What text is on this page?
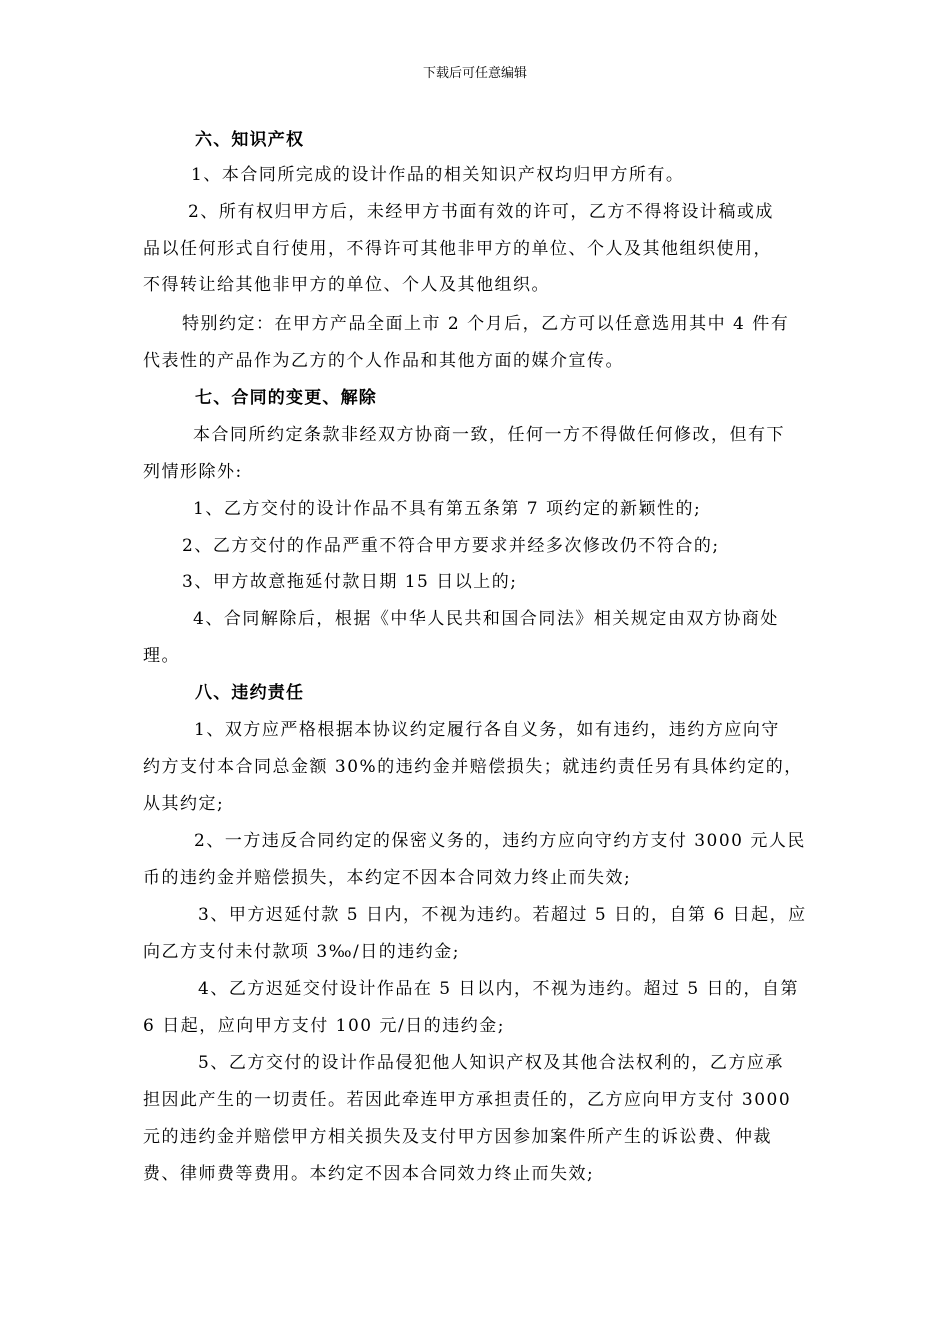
下载后可任意编辑
六、知识产权
1、本合同所完成的设计作品的相关知识产权均归甲方所有。
2、所有权归甲方后，未经甲方书面有效的许可，乙方不得将设计稿或成
品以任何形式自行使用，不得许可其他非甲方的单位、个人及其他组织使用，
不得转让给其他非甲方的单位、个人及其他组织。
特别约定：在甲方产品全面上市 2 个月后，乙方可以任意选用其中 4 件有
代表性的产品作为乙方的个人作品和其他方面的媒介宣传。
七、合同的变更、解除
本合同所约定条款非经双方协商一致，任何一方不得做任何修改，但有下
列情形除外:
1、乙方交付的设计作品不具有第五条第 7 项约定的新颖性的;
2、乙方交付的作品严重不符合甲方要求并经多次修改仍不符合的;
3、甲方故意拖延付款日期 15 日以上的;
4、合同解除后，根据《中华人民共和国合同法》相关规定由双方协商处
理。
八、违约责任
1、双方应严格根据本协议约定履行各自义务，如有违约，违约方应向守
约方支付本合同总金额 30%的违约金并赔偿损失；就违约责任另有具体约定的，
从其约定;
2、一方违反合同约定的保密义务的，违约方应向守约方支付 3000 元人民
币的违约金并赔偿损失，本约定不因本合同效力终止而失效;
3、甲方迟延付款 5 日内，不视为违约。若超过 5 日的，自第 6 日起，应
向乙方支付未付款项 3‰/日的违约金;
4、乙方迟延交付设计作品在 5 日以内，不视为违约。超过 5 日的，自第
6 日起，应向甲方支付 100 元/日的违约金;
5、乙方交付的设计作品侵犯他人知识产权及其他合法权利的，乙方应承
担因此产生的一切责任。若因此牵连甲方承担责任的，乙方应向甲方支付 3000
元的违约金并赔偿甲方相关损失及支付甲方因参加案件所产生的诉讼费、仲裁
费、律师费等费用。本约定不因本合同效力终止而失效;
